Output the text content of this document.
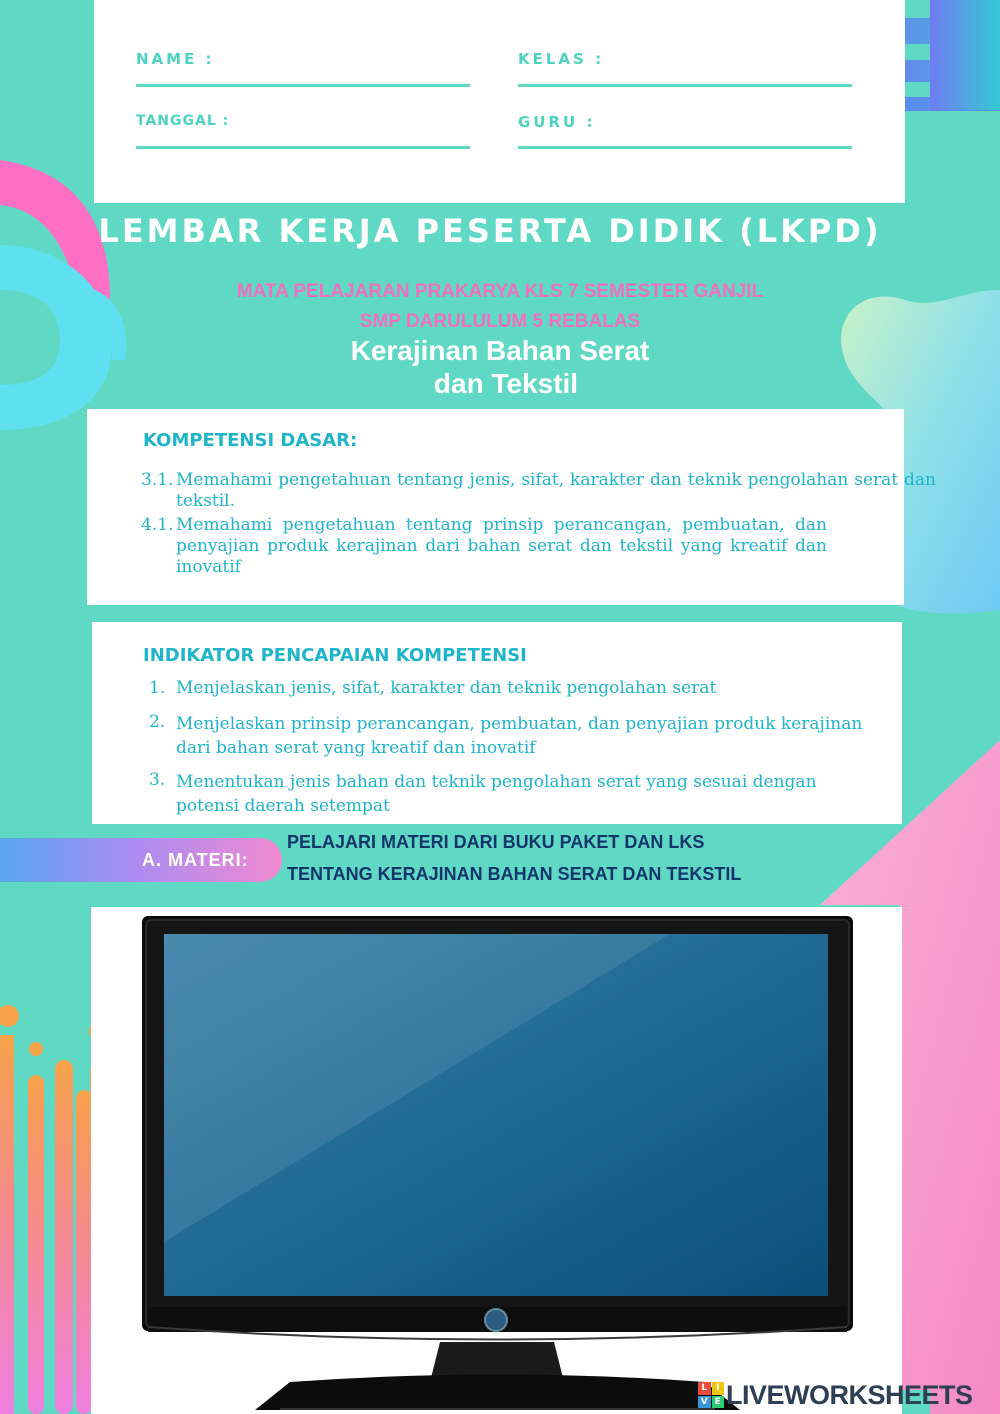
NAME :	KELAS :
TANGGAL :	GURU :
LEMBAR KERJA PESERTA DIDIK (LKPD)
MATA PELAJARAN PRAKARYA KLS 7 SEMESTER GANJIL
SMP DARULULUM 5 REBALAS
Kerajinan Bahan Serat
dan Tekstil
KOMPETENSI DASAR:
3.1. Memahami pengetahuan tentang jenis, sifat, karakter dan teknik pengolahan serat dan tekstil.
4.1. Memahami pengetahuan tentang prinsip perancangan, pembuatan, dan penyajian produk kerajinan dari bahan serat dan tekstil yang kreatif dan inovatif
INDIKATOR PENCAPAIAN KOMPETENSI
1. Menjelaskan jenis, sifat, karakter dan teknik pengolahan serat
2. Menjelaskan prinsip perancangan, pembuatan, dan penyajian produk kerajinan dari bahan serat yang kreatif dan inovatif
3. Menentukan jenis bahan dan teknik pengolahan serat yang sesuai dengan potensi daerah setempat
A. MATERI:
PELAJARI MATERI DARI BUKU PAKET DAN LKS
TENTANG KERAJINAN BAHAN SERAT DAN TEKSTIL
L I
V E LIVEWORKSHEETS
